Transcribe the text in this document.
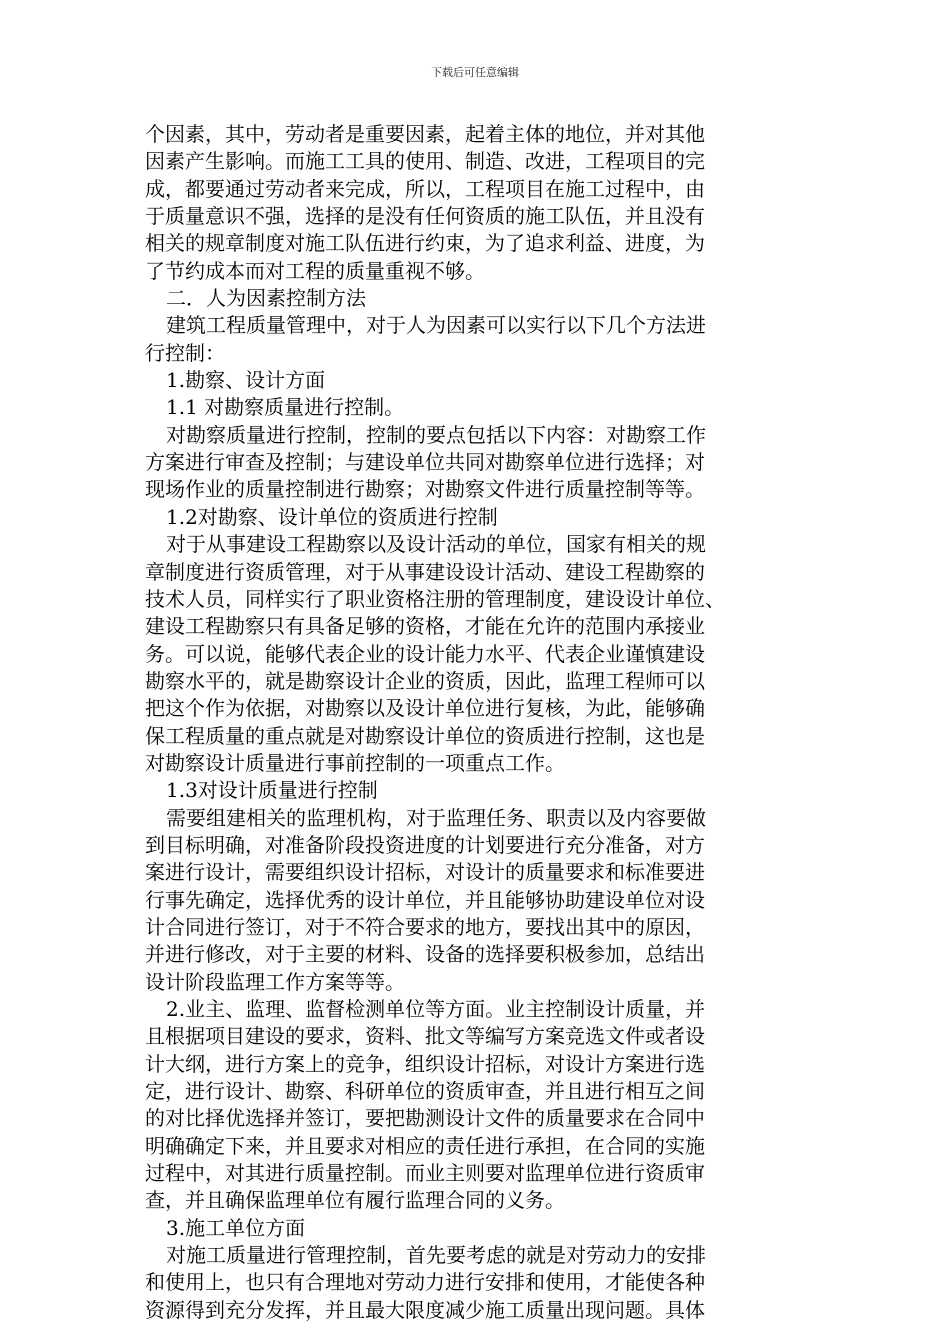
下载后可任意编辑

个因素，其中，劳动者是重要因素，起着主体的地位，并对其他

因素产生影响。而施工工具的使用、制造、改进，工程项目的完

成，都要通过劳动者来完成，所以，工程项目在施工过程中，由

于质量意识不强，选择的是没有任何资质的施工队伍，并且没有

相关的规章制度对施工队伍进行约束，为了追求利益、进度，为

了节约成本而对工程的质量重视不够。

二．人为因素控制方法

建筑工程质量管理中，对于人为因素可以实行以下几个方法进

行控制：

1.勘察、设计方面

1.1 对勘察质量进行控制。

对勘察质量进行控制，控制的要点包括以下内容：对勘察工作

方案进行审查及控制；与建设单位共同对勘察单位进行选择；对

现场作业的质量控制进行勘察；对勘察文件进行质量控制等等。

1.2对勘察、设计单位的资质进行控制

对于从事建设工程勘察以及设计活动的单位，国家有相关的规

章制度进行资质管理，对于从事建设设计活动、建设工程勘察的

技术人员，同样实行了职业资格注册的管理制度，建设设计单位、

建设工程勘察只有具备足够的资格，才能在允许的范围内承接业

务。可以说，能够代表企业的设计能力水平、代表企业谨慎建设

勘察水平的，就是勘察设计企业的资质，因此，监理工程师可以

把这个作为依据，对勘察以及设计单位进行复核，为此，能够确

保工程质量的重点就是对勘察设计单位的资质进行控制，这也是

对勘察设计质量进行事前控制的一项重点工作。

1.3对设计质量进行控制

需要组建相关的监理机构，对于监理任务、职责以及内容要做

到目标明确，对准备阶段投资进度的计划要进行充分准备，对方

案进行设计，需要组织设计招标，对设计的质量要求和标准要进

行事先确定，选择优秀的设计单位，并且能够协助建设单位对设

计合同进行签订，对于不符合要求的地方，要找出其中的原因，

并进行修改，对于主要的材料、设备的选择要积极参加，总结出

设计阶段监理工作方案等等。

2.业主、监理、监督检测单位等方面。业主控制设计质量，并

且根据项目建设的要求，资料、批文等编写方案竞选文件或者设

计大纲，进行方案上的竞争，组织设计招标，对设计方案进行选

定，进行设计、勘察、科研单位的资质审查，并且进行相互之间

的对比择优选择并签订，要把勘测设计文件的质量要求在合同中

明确确定下来，并且要求对相应的责任进行承担，在合同的实施

过程中，对其进行质量控制。而业主则要对监理单位进行资质审

查，并且确保监理单位有履行监理合同的义务。

3.施工单位方面

对施工质量进行管理控制，首先要考虑的就是对劳动力的安排

和使用上，也只有合理地对劳动力进行安排和使用，才能使各种

资源得到充分发挥，并且最大限度减少施工质量出现问题。具体
